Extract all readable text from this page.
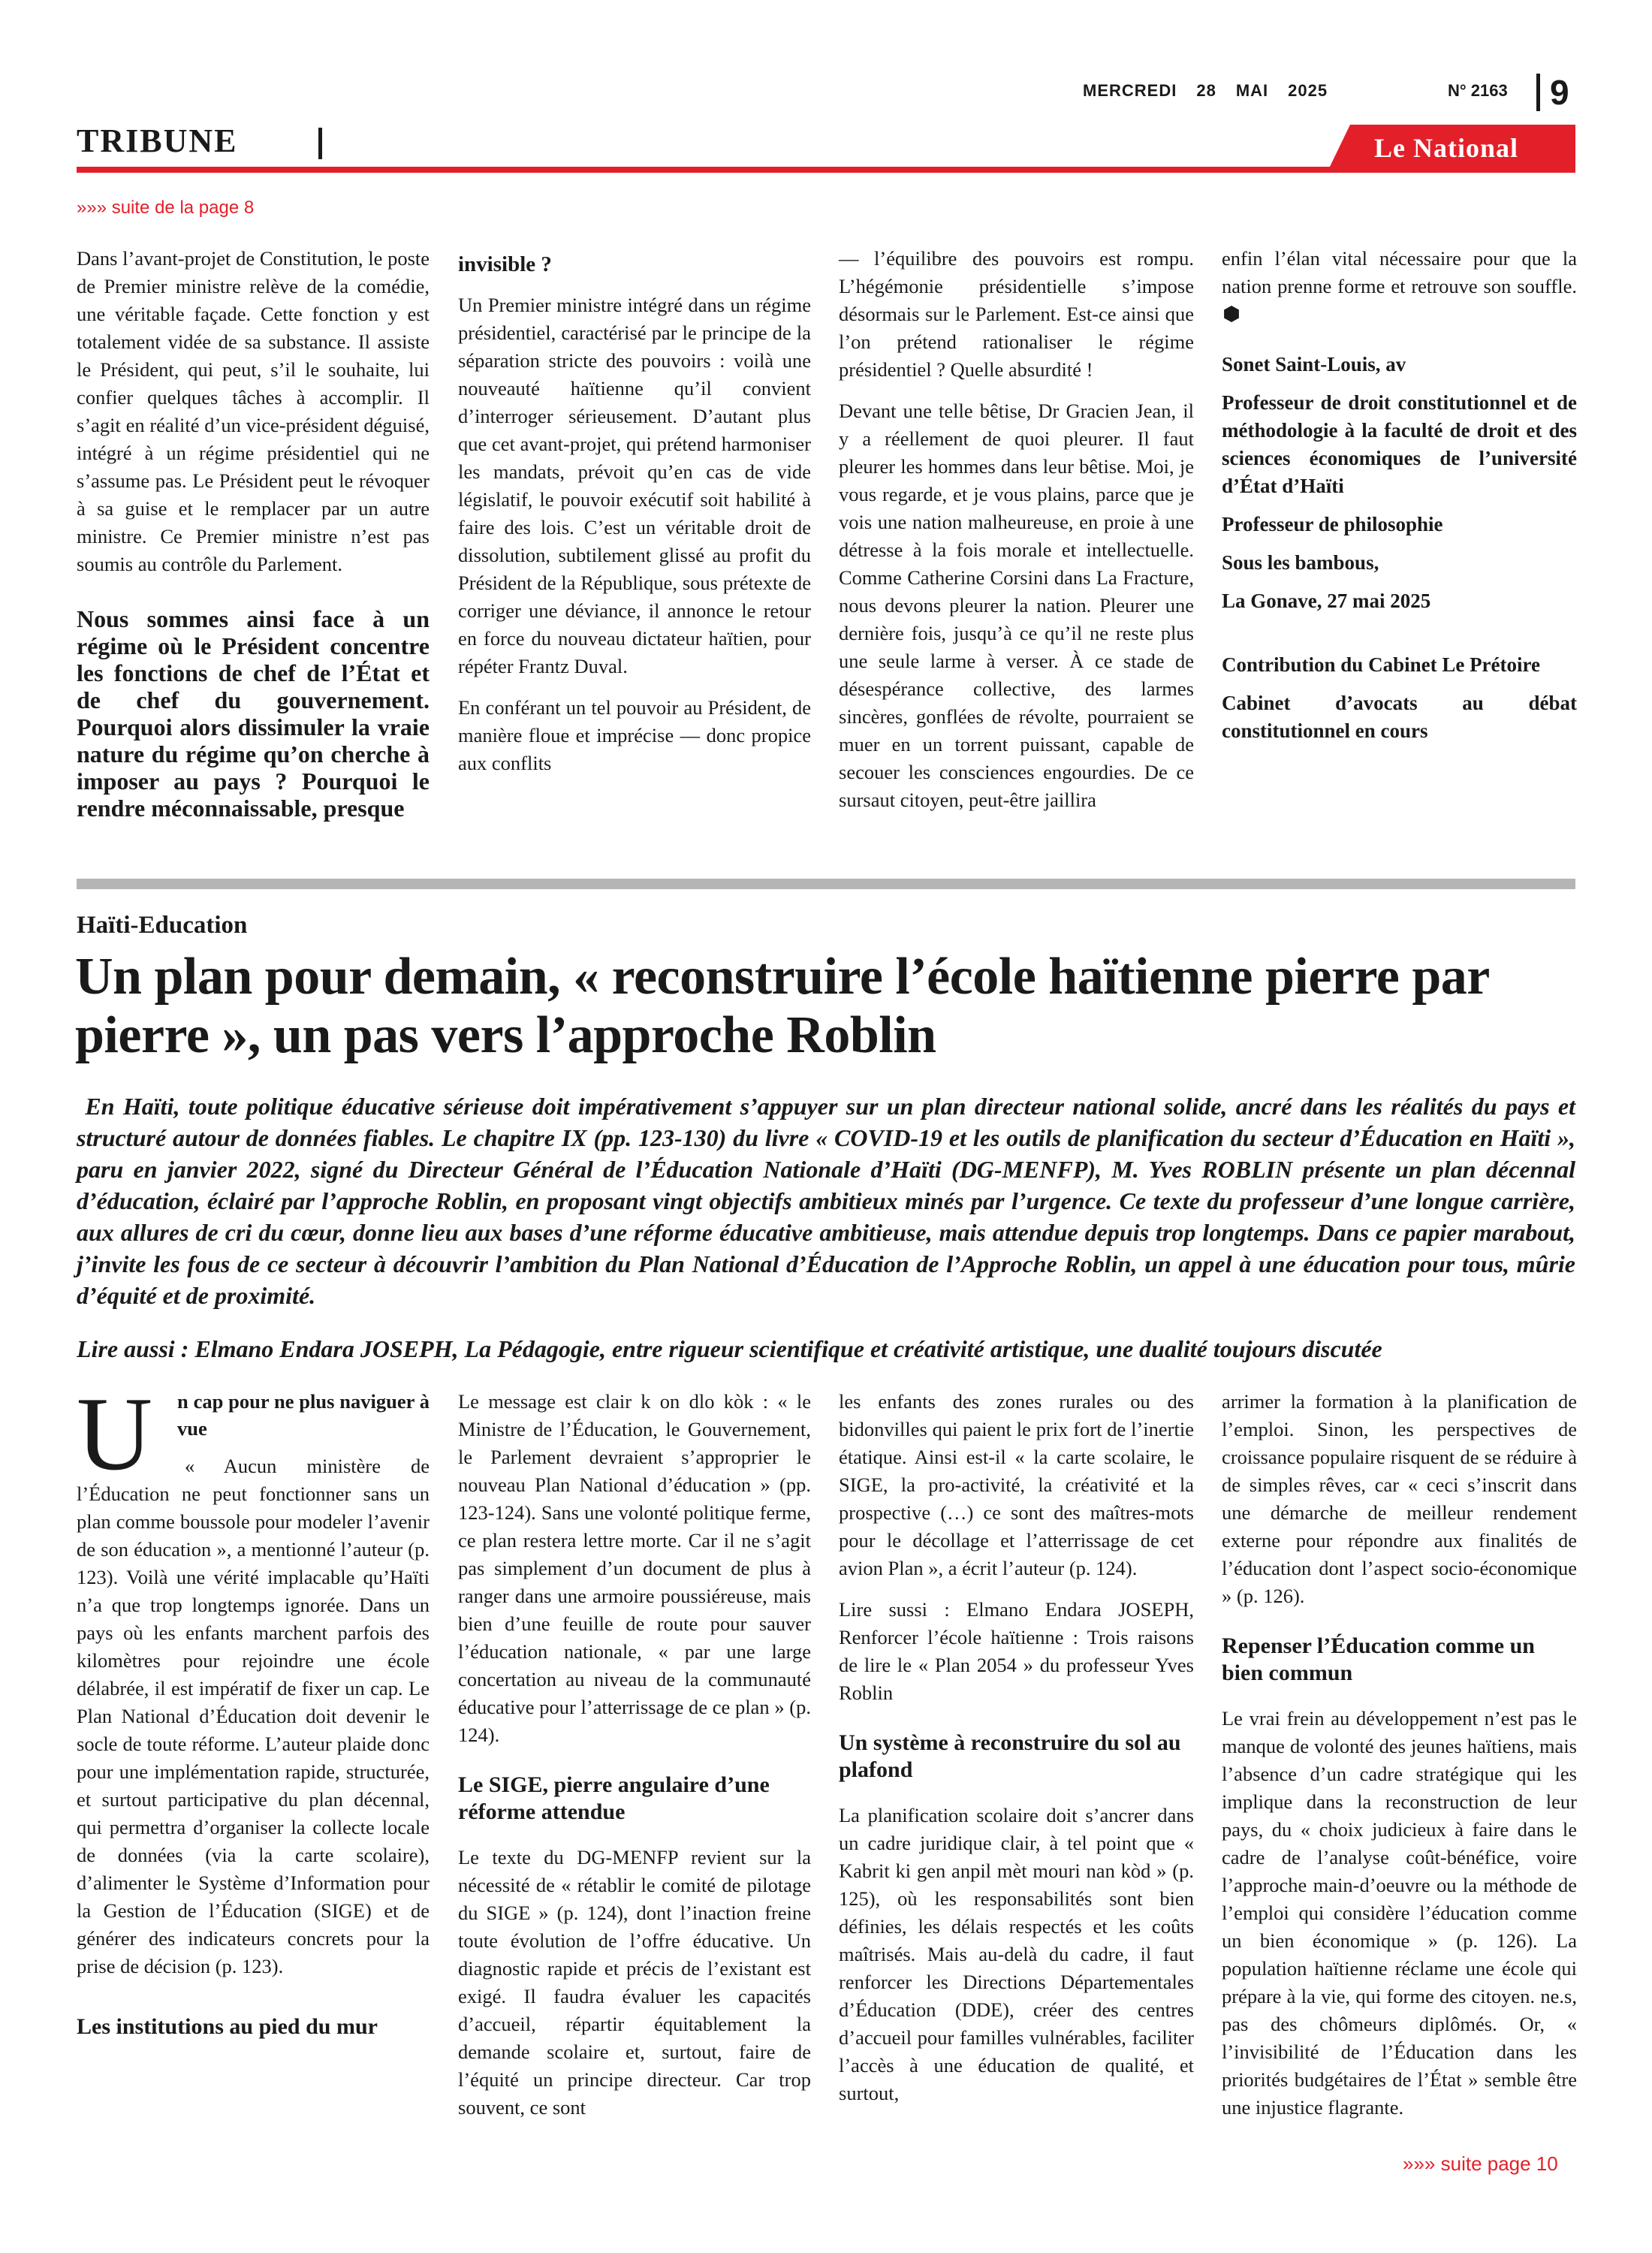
MERCREDI 28 MAI 2025	N° 2163 9
TRIBUNE	Le National
»»» suite de la page 8

Dans l’avant-projet de Constitution, le poste de Premier ministre relève de la comédie, une véritable façade. Cette fonction y est totalement vidée de sa substance. Il assiste le Président, qui peut, s’il le souhaite, lui confier quelques tâches à accomplir. Il s’agit en réalité d’un vice-président déguisé, intégré à un régime présidentiel qui ne s’assume pas. Le Président peut le révoquer à sa guise et le remplacer par un autre ministre. Ce Premier ministre n’est pas soumis au contrôle du Parlement.

Nous sommes ainsi face à un régime où le Président concentre les fonctions de chef de l’État et de chef du gouvernement. Pourquoi alors dissimuler la vraie nature du régime qu’on cherche à imposer au pays ? Pourquoi le rendre méconnaissable, presque

invisible ?

Un Premier ministre intégré dans un régime présidentiel, caractérisé par le principe de la séparation stricte des pouvoirs : voilà une nouveauté haïtienne qu’il convient d’interroger sérieusement. D’autant plus que cet avant-projet, qui prétend harmoniser les mandats, prévoit qu’en cas de vide législatif, le pouvoir exécutif soit habilité à faire des lois. C’est un véritable droit de dissolution, subtilement glissé au profit du Président de la République, sous prétexte de corriger une déviance, il annonce le retour en force du nouveau dictateur haïtien, pour répéter Frantz Duval.

En conférant un tel pouvoir au Président, de manière floue et imprécise — donc propice aux conflits

— l’équilibre des pouvoirs est rompu. L’hégémonie présidentielle s’impose désormais sur le Parlement. Est-ce ainsi que l’on prétend rationaliser le régime présidentiel ? Quelle absurdité !

Devant une telle bêtise, Dr Gracien Jean, il y a réellement de quoi pleurer. Il faut pleurer les hommes dans leur bêtise. Moi, je vous regarde, et je vous plains, parce que je vois une nation malheureuse, en proie à une détresse à la fois morale et intellectuelle. Comme Catherine Corsini dans La Fracture, nous devons pleurer la nation. Pleurer une dernière fois, jusqu’à ce qu’il ne reste plus une seule larme à verser. À ce stade de désespérance collective, des larmes sincères, gonflées de révolte, pourraient se muer en un torrent puissant, capable de secouer les consciences engourdies. De ce sursaut citoyen, peut-être jaillira

enfin l’élan vital nécessaire pour que la nation prenne forme et retrouve son souffle.

Sonet Saint-Louis, av

Professeur de droit constitutionnel et de méthodologie à la faculté de droit et des sciences économiques de l’université d’État d’Haïti

Professeur de philosophie

Sous les bambous,

La Gonave, 27 mai 2025

Contribution du Cabinet Le Prétoire

Cabinet d’avocats au débat constitutionnel en cours

Haïti-Education
Un plan pour demain, « reconstruire l’école haïtienne pierre par pierre », un pas vers l’approche Roblin
En Haïti, toute politique éducative sérieuse doit impérativement s’appuyer sur un plan directeur national solide, ancré dans les réalités du pays et structuré autour de données fiables. Le chapitre IX (pp. 123-130) du livre « COVID-19 et les outils de planification du secteur d’Éducation en Haïti », paru en janvier 2022, signé du Directeur Général de l’Éducation Nationale d’Haïti (DG-MENFP), M. Yves ROBLIN présente un plan décennal d’éducation, éclairé par l’approche Roblin, en proposant vingt objectifs ambitieux minés par l’urgence. Ce texte du professeur d’une longue carrière, aux allures de cri du cœur, donne lieu aux bases d’une réforme éducative ambitieuse, mais attendue depuis trop longtemps. Dans ce papier marabout, j’invite les fous de ce secteur à découvrir l’ambition du Plan National d’Éducation de l’Approche Roblin, un appel à une éducation pour tous, mûrie d’équité et de proximité.
Lire aussi : Elmano Endara JOSEPH, La Pédagogie, entre rigueur scientifique et créativité artistique, une dualité toujours discutée
U n cap pour ne plus naviguer à vue

« Aucun ministère de l’Éducation ne peut fonctionner sans un plan comme boussole pour modeler l’avenir de son éducation », a mentionné l’auteur (p. 123). Voilà une vérité implacable qu’Haïti n’a que trop longtemps ignorée. Dans un pays où les enfants marchent parfois des kilomètres pour rejoindre une école délabrée, il est impératif de fixer un cap. Le Plan National d’Éducation doit devenir le socle de toute réforme. L’auteur plaide donc pour une implémentation rapide, structurée, et surtout participative du plan décennal, qui permettra d’organiser la collecte locale de données (via la carte scolaire), d’alimenter le Système d’Information pour la Gestion de l’Éducation (SIGE) et de générer des indicateurs concrets pour la prise de décision (p. 123).

Les institutions au pied du mur

Le message est clair k on dlo kòk : « le Ministre de l’Éducation, le Gouvernement, le Parlement devraient s’approprier le nouveau Plan National d’éducation » (pp. 123-124). Sans une volonté politique ferme, ce plan restera lettre morte. Car il ne s’agit pas simplement d’un document de plus à ranger dans une armoire poussiéreuse, mais bien d’une feuille de route pour sauver l’éducation nationale, « par une large concertation au niveau de la communauté éducative pour l’atterrissage de ce plan » (p. 124).

Le SIGE, pierre angulaire d’une réforme attendue

Le texte du DG-MENFP revient sur la nécessité de « rétablir le comité de pilotage du SIGE » (p. 124), dont l’inaction freine toute évolution de l’offre éducative. Un diagnostic rapide et précis de l’existant est exigé. Il faudra évaluer les capacités d’accueil, répartir équitablement la demande scolaire et, surtout, faire de l’équité un principe directeur. Car trop souvent, ce sont

les enfants des zones rurales ou des bidonvilles qui paient le prix fort de l’inertie étatique. Ainsi est-il « la carte scolaire, le SIGE, la pro-activité, la créativité et la prospective (…) ce sont des maîtres-mots pour le décollage et l’atterrissage de cet avion Plan », a écrit l’auteur (p. 124).

Lire sussi : Elmano Endara JOSEPH, Renforcer l’école haïtienne : Trois raisons de lire le « Plan 2054 » du professeur Yves Roblin

Un système à reconstruire du sol au plafond

La planification scolaire doit s’ancrer dans un cadre juridique clair, à tel point que « Kabrit ki gen anpil mèt mouri nan kòd » (p. 125), où les responsabilités sont bien définies, les délais respectés et les coûts maîtrisés. Mais au-delà du cadre, il faut renforcer les Directions Départementales d’Éducation (DDE), créer des centres d’accueil pour familles vulnérables, faciliter l’accès à une éducation de qualité, et surtout,

arrimer la formation à la planification de l’emploi. Sinon, les perspectives de croissance populaire risquent de se réduire à de simples rêves, car « ceci s’inscrit dans une démarche de meilleur rendement externe pour répondre aux finalités de l’éducation dont l’aspect socio-économique » (p. 126).

Repenser l’Éducation comme un bien commun

Le vrai frein au développement n’est pas le manque de volonté des jeunes haïtiens, mais l’absence d’un cadre stratégique qui les implique dans la reconstruction de leur pays, du « choix judicieux à faire dans le cadre de l’analyse coût-bénéfice, voire l’approche main-d’oeuvre ou la méthode de l’emploi qui considère l’éducation comme un bien économique » (p. 126). La population haïtienne réclame une école qui prépare à la vie, qui forme des citoyen. ne.s, pas des chômeurs diplômés. Or, « l’invisibilité de l’Éducation dans les priorités budgétaires de l’État » semble être une injustice flagrante.

»»» suite page 10
